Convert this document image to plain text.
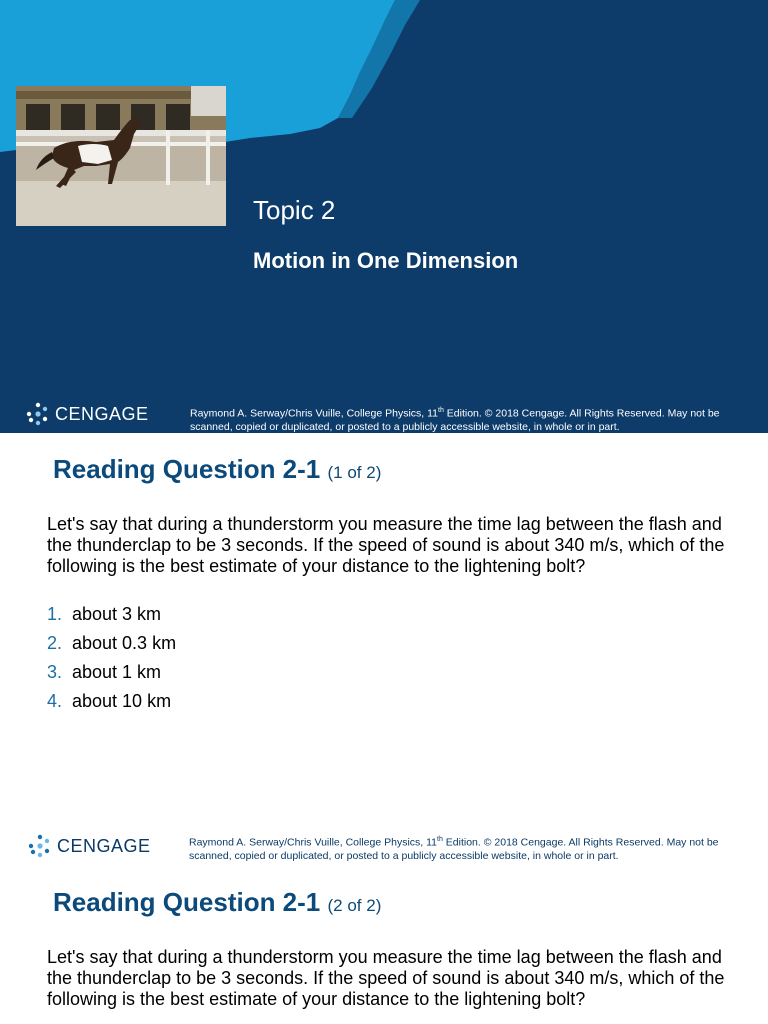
Topic 2
Motion in One Dimension
CENGAGE	Raymond A. Serway/Chris Vuille, College Physics, 11th Edition. © 2018 Cengage. All Rights Reserved. May not be scanned, copied or duplicated, or posted to a publicly accessible website, in whole or in part.
Reading Question 2-1 (1 of 2)
Let's say that during a thunderstorm you measure the time lag between the flash and the thunderclap to be 3 seconds. If the speed of sound is about 340 m/s, which of the following is the best estimate of your distance to the lightening bolt?
1. about 3 km
2. about 0.3 km
3. about 1 km
4. about 10 km
CENGAGE	Raymond A. Serway/Chris Vuille, College Physics, 11th Edition. © 2018 Cengage. All Rights Reserved. May not be scanned, copied or duplicated, or posted to a publicly accessible website, in whole or in part.
Reading Question 2-1 (2 of 2)
Let's say that during a thunderstorm you measure the time lag between the flash and the thunderclap to be 3 seconds. If the speed of sound is about 340 m/s, which of the following is the best estimate of your distance to the lightening bolt?
